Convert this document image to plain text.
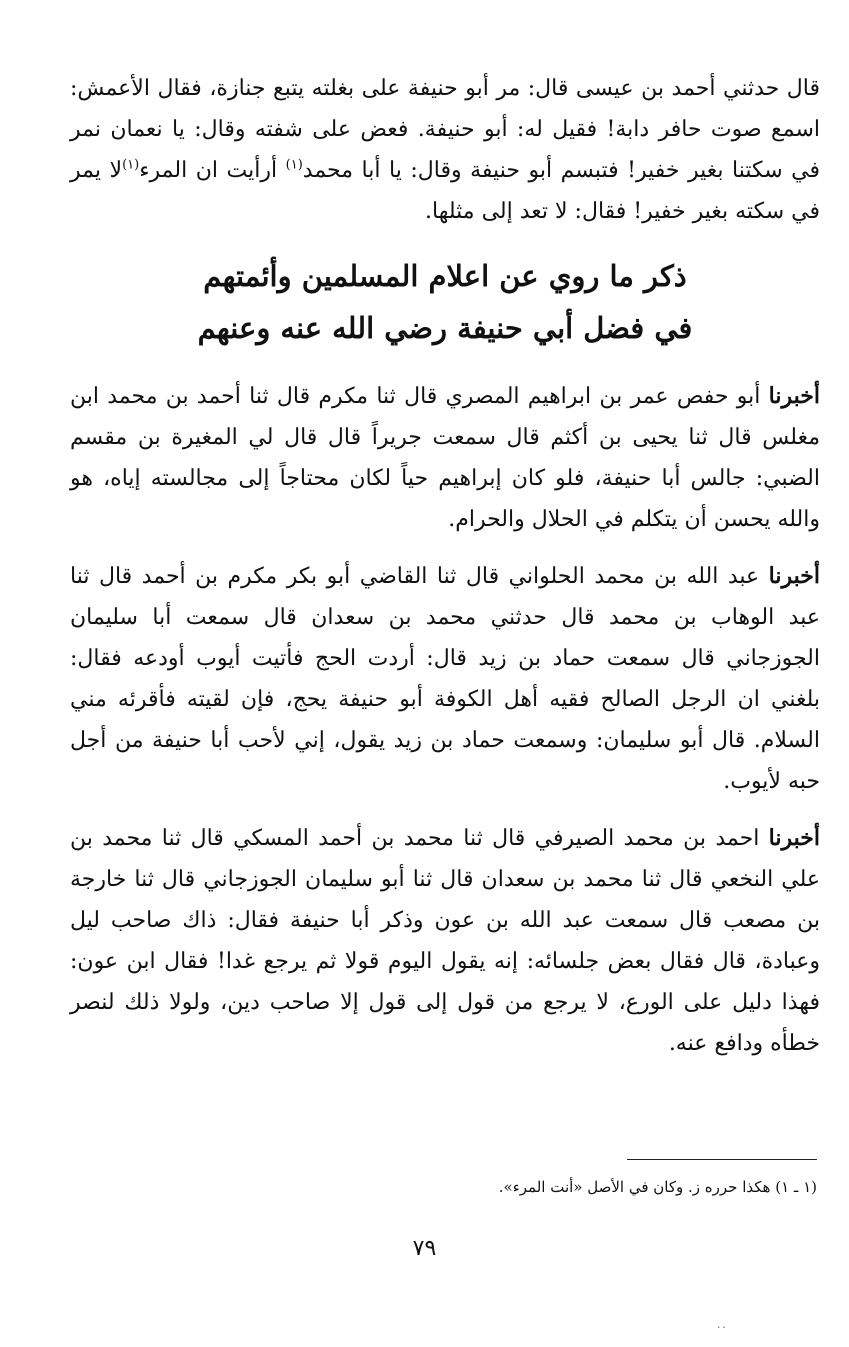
قال حدثني أحمد بن عيسى قال: مر أبو حنيفة على بغلته يتبع جنازة، فقال الأعمش: اسمع صوت حافر دابة! فقيل له: أبو حنيفة. فعض على شفته وقال: يا نعمان نمر في سكتنا بغير خفير! فتبسم أبو حنيفة وقال: يا أبا محمد$^{(١)}$ أرأيت ان المرء$^{(١)}$لا يمر في سكته بغير خفير! فقال: لا تعد إلى مثلها.

ذكر ما روي عن اعلام المسلمين وأئمتهم
في فضل أبي حنيفة رضي الله عنه وعنهم

أخبرنا أبو حفص عمر بن ابراهيم المصري قال ثنا مكرم قال ثنا أحمد بن محمد ابن مغلس قال ثنا يحيى بن أكثم قال سمعت جريراً قال قال لي المغيرة بن مقسم الضبي: جالس أبا حنيفة، فلو كان إبراهيم حياً لكان محتاجاً إلى مجالسته إياه، هو والله يحسن أن يتكلم في الحلال والحرام.

أخبرنا عبد الله بن محمد الحلواني قال ثنا القاضي أبو بكر مكرم بن أحمد قال ثنا عبد الوهاب بن محمد قال حدثني محمد بن سعدان قال سمعت أبا سليمان الجوزجاني قال سمعت حماد بن زيد قال: أردت الحج فأتيت أيوب أودعه فقال: بلغني ان الرجل الصالح فقيه أهل الكوفة أبو حنيفة يحج، فإن لقيته فأقرئه مني السلام. قال أبو سليمان: وسمعت حماد بن زيد يقول، إني لأحب أبا حنيفة من أجل حبه لأيوب.

أخبرنا احمد بن محمد الصيرفي قال ثنا محمد بن أحمد المسكي قال ثنا محمد بن علي النخعي قال ثنا محمد بن سعدان قال ثنا أبو سليمان الجوزجاني قال ثنا خارجة بن مصعب قال سمعت عبد الله بن عون وذكر أبا حنيفة فقال: ذاك صاحب ليل وعبادة، قال فقال بعض جلسائه: إنه يقول اليوم قولا ثم يرجع غدا! فقال ابن عون: فهذا دليل على الورع، لا يرجع من قول إلى قول إلا صاحب دين، ولولا ذلك لنصر خطأه ودافع عنه.

(١ ـ ١) هكذا حرره ز. وكان في الأصل «أنت المرء».
٧٩
٠٠
